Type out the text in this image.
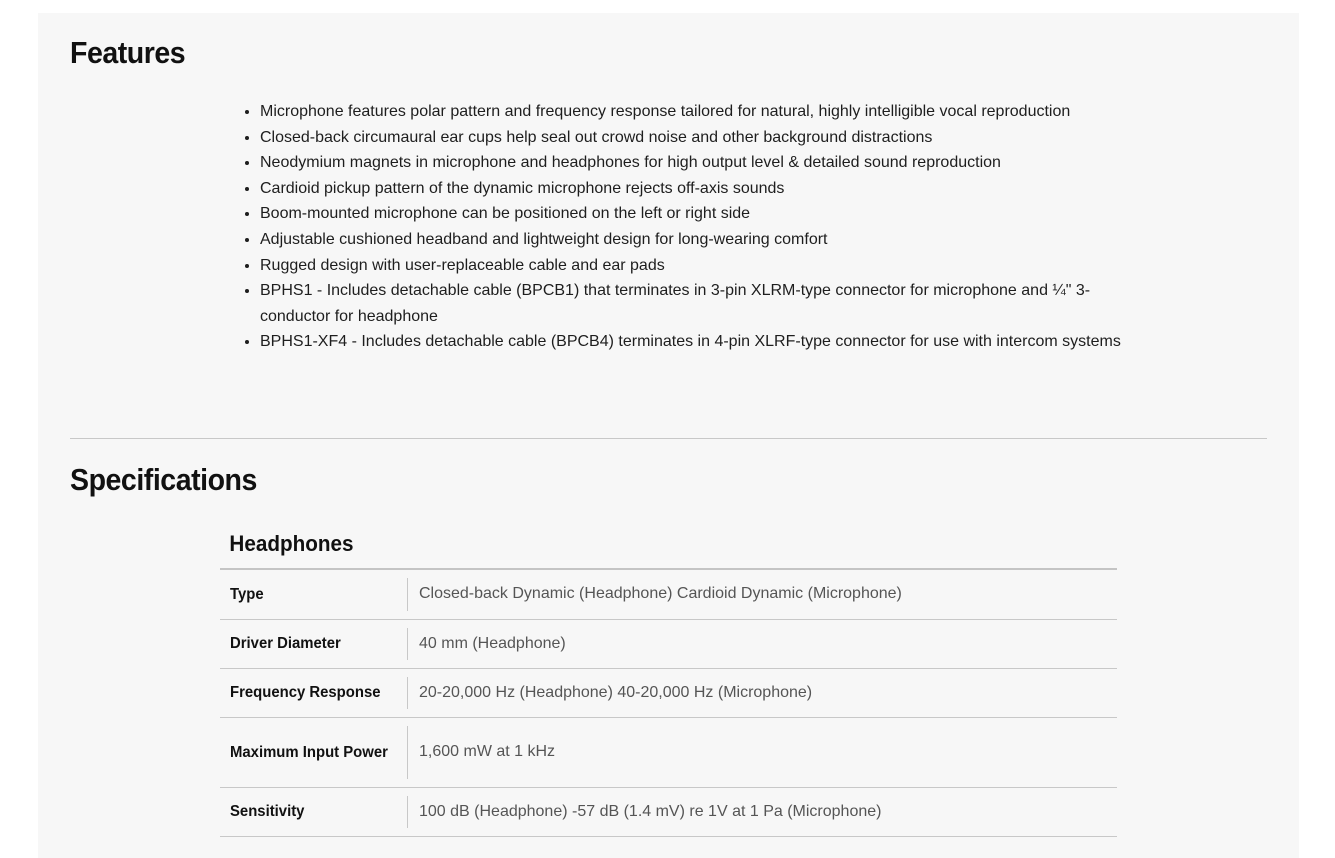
Features
• Microphone features polar pattern and frequency response tailored for natural, highly intelligible vocal reproduction
• Closed-back circumaural ear cups help seal out crowd noise and other background distractions
• Neodymium magnets in microphone and headphones for high output level & detailed sound reproduction
• Cardioid pickup pattern of the dynamic microphone rejects off-axis sounds
• Boom-mounted microphone can be positioned on the left or right side
• Adjustable cushioned headband and lightweight design for long-wearing comfort
• Rugged design with user-replaceable cable and ear pads
• BPHS1 - Includes detachable cable (BPCB1) that terminates in 3-pin XLRM-type connector for microphone and ¼" 3-conductor for headphone
• BPHS1-XF4 - Includes detachable cable (BPCB4) terminates in 4-pin XLRF-type connector for use with intercom systems
Specifications
Headphones
Type	Closed-back Dynamic (Headphone) Cardioid Dynamic (Microphone)
Driver Diameter	40 mm (Headphone)
Frequency Response	20-20,000 Hz (Headphone) 40-20,000 Hz (Microphone)
Maximum Input Power	1,600 mW at 1 kHz
Sensitivity	100 dB (Headphone) -57 dB (1.4 mV) re 1V at 1 Pa (Microphone)
